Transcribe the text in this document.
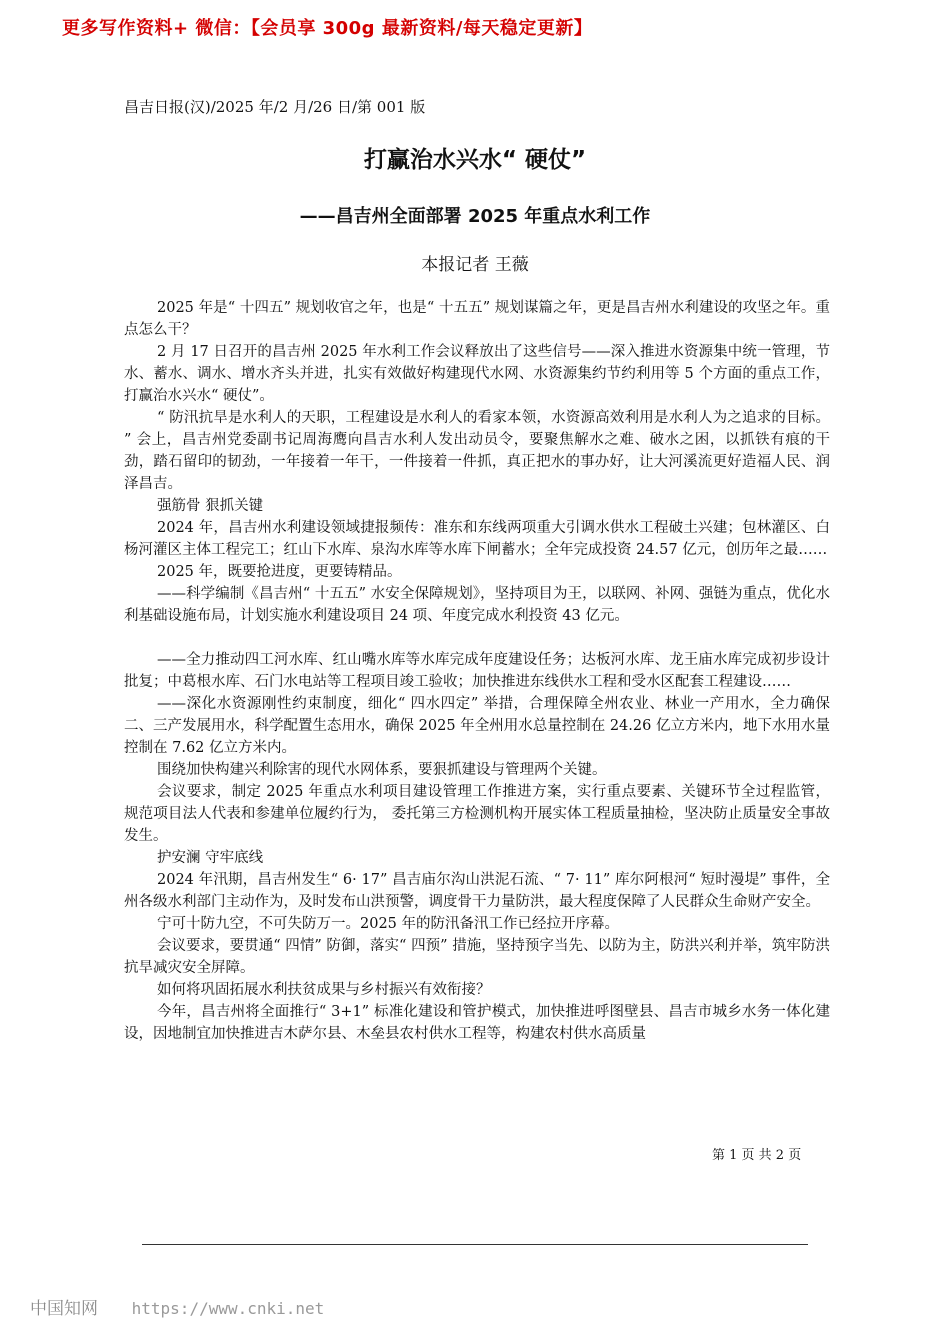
更多写作资料+ 微信：【会员享 300g 最新资料/每天稳定更新】
昌吉日报(汉)/2025 年/2 月/26 日/第 001 版
打赢治水兴水“ 硬仗”
——昌吉州全面部署 2025 年重点水利工作
本报记者 王薇

2025 年是“ 十四五” 规划收官之年，也是“ 十五五” 规划谋篇之年，更是昌吉州水利建设的攻坚之年。重点怎么干？

2 月 17 日召开的昌吉州 2025 年水利工作会议释放出了这些信号——深入推进水资源集中统一管理，节水、蓄水、调水、增水齐头并进，扎实有效做好构建现代水网、水资源集约节约利用等 5 个方面的重点工作，打赢治水兴水“ 硬仗”。

“ 防汛抗旱是水利人的天职，工程建设是水利人的看家本领，水资源高效利用是水利人为之追求的目标。 ” 会上，昌吉州党委副书记周海鹰向昌吉水利人发出动员令，要聚焦解水之难、破水之困，以抓铁有痕的干劲，踏石留印的韧劲，一年接着一年干，一件接着一件抓，真正把水的事办好，让大河溪流更好造福人民、润泽昌吉。

强筋骨 狠抓关键

2024 年，昌吉州水利建设领域捷报频传：准东和东线两项重大引调水供水工程破土兴建；包林灌区、白杨河灌区主体工程完工；红山下水库、泉沟水库等水库下闸蓄水；全年完成投资 24.57 亿元，创历年之最……

2025 年，既要抢进度，更要铸精品。

——科学编制《昌吉州“ 十五五” 水安全保障规划》，坚持项目为王，以联网、补网、强链为重点，优化水利基础设施布局，计划实施水利建设项目 24 项、年度完成水利投资 43 亿元。

——全力推动四工河水库、红山嘴水库等水库完成年度建设任务；达板河水库、龙王庙水库完成初步设计批复；中葛根水库、石门水电站等工程项目竣工验收；加快推进东线供水工程和受水区配套工程建设……

——深化水资源刚性约束制度，细化“ 四水四定” 举措，合理保障全州农业、林业一产用水，全力确保二、三产发展用水，科学配置生态用水，确保 2025 年全州用水总量控制在 24.26 亿立方米内，地下水用水量控制在 7.62 亿立方米内。

围绕加快构建兴利除害的现代水网体系，要狠抓建设与管理两个关键。

会议要求，制定 2025 年重点水利项目建设管理工作推进方案，实行重点要素、关键环节全过程监管， 规范项目法人代表和参建单位履约行为， 委托第三方检测机构开展实体工程质量抽检，坚决防止质量安全事故发生。

护安澜 守牢底线

2024 年汛期，昌吉州发生“ 6· 17” 昌吉庙尔沟山洪泥石流、“ 7· 11” 库尔阿根河“ 短时漫堤” 事件，全州各级水利部门主动作为，及时发布山洪预警，调度骨干力量防洪，最大程度保障了人民群众生命财产安全。

宁可十防九空，不可失防万一。2025 年的防汛备汛工作已经拉开序幕。

会议要求，要贯通“ 四情” 防御，落实“ 四预” 措施，坚持预字当先、以防为主，防洪兴利并举，筑牢防洪抗旱减灾安全屏障。

如何将巩固拓展水利扶贫成果与乡村振兴有效衔接？

今年，昌吉州将全面推行“ 3+1” 标准化建设和管护模式，加快推进呼图壁县、昌吉市城乡水务一体化建设，因地制宜加快推进吉木萨尔县、木垒县农村供水工程等，构建农村供水高质量

第 1 页 共 2 页
中国知网 https://www.cnki.net
